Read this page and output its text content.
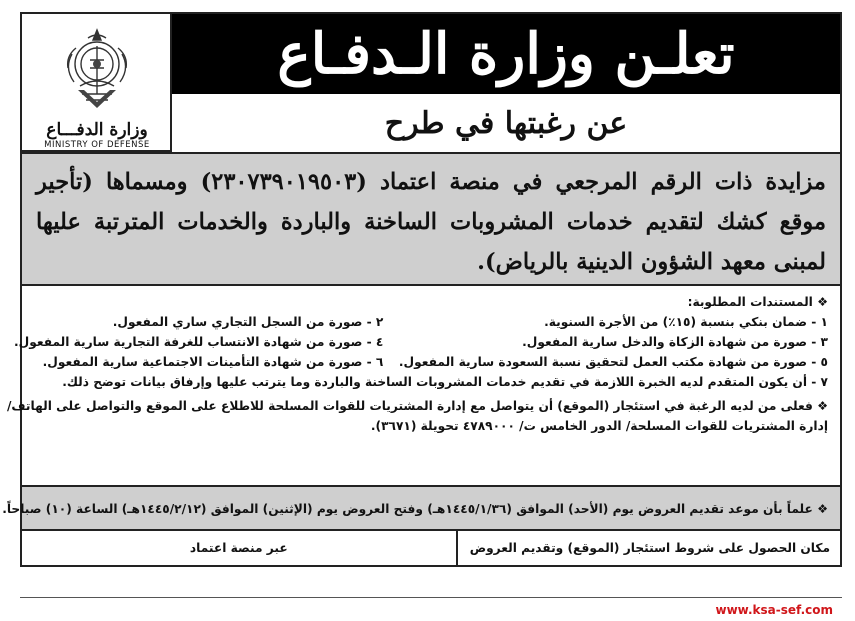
وزارة الدفـــاع
MINISTRY OF DEFENSE
تعلـن وزارة الـدفـاع
عن رغبتها في طرح

مزايدة ذات الرقم المرجعي في منصة اعتماد (٢٣٠٧٣٩٠١٩٥٠٣) ومسماها (تأجير موقع كشك لتقديم خدمات المشروبات الساخنة والباردة والخدمات المترتبة عليها لمبنى معهد الشؤون الدينية بالرياض).

❖ المستندات المطلوبة:
١ - ضمان بنكي بنسبة (١٥٪) من الأجرة السنوية.
٢ - صورة من السجل التجاري ساري المفعول.
٣ - صورة من شهادة الزكاة والدخل سارية المفعول.
٤ - صورة من شهادة الانتساب للغرفة التجارية سارية المفعول.
٥ - صورة من شهادة مكتب العمل لتحقيق نسبة السعودة سارية المفعول.
٦ - صورة من شهادة التأمينات الاجتماعية سارية المفعول.
٧ - أن يكون المتقدم لديه الخبرة اللازمة في تقديم خدمات المشروبات الساخنة والباردة وما يترتب عليها وإرفاق بيانات توضح ذلك.
❖ فعلى من لديه الرغبة في استئجار (الموقع) أن يتواصل مع إدارة المشتريات للقوات المسلحة للاطلاع على الموقع والتواصل على الهاتف/
إدارة المشتريات للقوات المسلحة/ الدور الخامس ت/ ٤٧٨٩٠٠٠ تحويلة (٣٦٧١).
❖ علماً بأن موعد تقديم العروض يوم (الأحد) الموافق (١٤٤٥/١/٣٦هـ) وفتح العروض يوم (الإثنين) الموافق (١٤٤٥/٢/١٢هـ) الساعة (١٠) صباحاً.
مكان الحصول على شروط استئجار (الموقع) وتقديم العروض
عبر منصة اعتماد
www.ksa-sef.com
